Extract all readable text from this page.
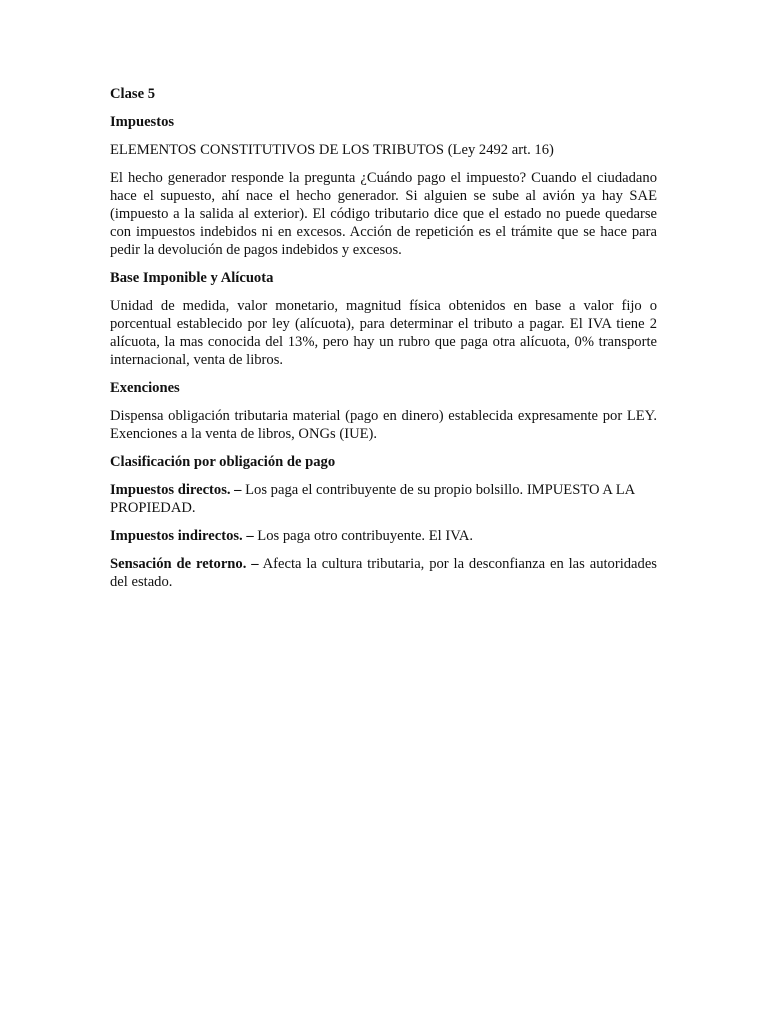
Clase 5

Impuestos

ELEMENTOS CONSTITUTIVOS DE LOS TRIBUTOS (Ley 2492 art. 16)

El hecho generador responde la pregunta ¿Cuándo pago el impuesto? Cuando el ciudadano hace el supuesto, ahí nace el hecho generador. Si alguien se sube al avión ya hay SAE (impuesto a la salida al exterior). El código tributario dice que el estado no puede quedarse con impuestos indebidos ni en excesos. Acción de repetición es el trámite que se hace para pedir la devolución de pagos indebidos y excesos.

Base Imponible y Alícuota

Unidad de medida, valor monetario, magnitud física obtenidos en base a valor fijo o porcentual establecido por ley (alícuota), para determinar el tributo a pagar. El IVA tiene 2 alícuota, la mas conocida del 13%, pero hay un rubro que paga otra alícuota, 0% transporte internacional, venta de libros.

Exenciones

Dispensa obligación tributaria material (pago en dinero) establecida expresamente por LEY. Exenciones a la venta de libros, ONGs (IUE).

Clasificación por obligación de pago

Impuestos directos. – Los paga el contribuyente de su propio bolsillo. IMPUESTO A LA PROPIEDAD.

Impuestos indirectos. – Los paga otro contribuyente. El IVA.

Sensación de retorno. – Afecta la cultura tributaria, por la desconfianza en las autoridades del estado.
